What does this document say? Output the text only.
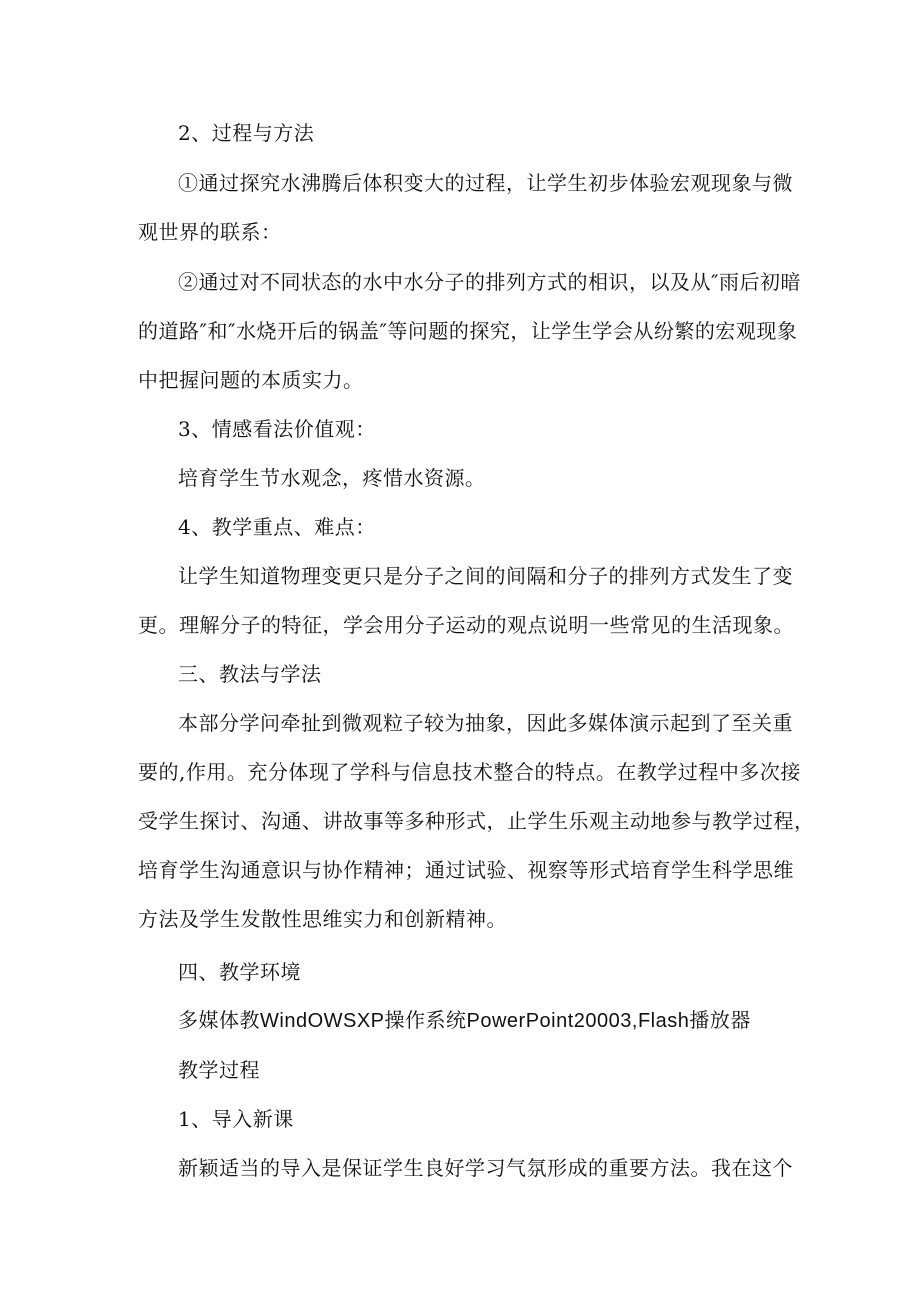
2、过程与方法
①通过探究水沸腾后体积变大的过程，让学生初步体验宏观现象与微
观世界的联系：
②通过对不同状态的水中水分子的排列方式的相识，以及从″雨后初暗
的道路″和″水烧开后的锅盖″等问题的探究，让学生学会从纷繁的宏观现象
中把握问题的本质实力。
3、情感看法价值观：
培育学生节水观念，疼惜水资源。
4、教学重点、难点：
让学生知道物理变更只是分子之间的间隔和分子的排列方式发生了变
更。理解分子的特征，学会用分子运动的观点说明一些常见的生活现象。
三、教法与学法
本部分学问牵扯到微观粒子较为抽象，因此多媒体演示起到了至关重
要的,作用。充分体现了学科与信息技术整合的特点。在教学过程中多次接
受学生探讨、沟通、讲故事等多种形式，止学生乐观主动地参与教学过程，
培育学生沟通意识与协作精神；通过试验、视察等形式培育学生科学思维
方法及学生发散性思维实力和创新精神。
四、教学环境
多媒体教WindOWSXP操作系统PowerPoint20003,Flash播放器
教学过程
1、导入新课
新颖适当的导入是保证学生良好学习气氛形成的重要方法。我在这个
